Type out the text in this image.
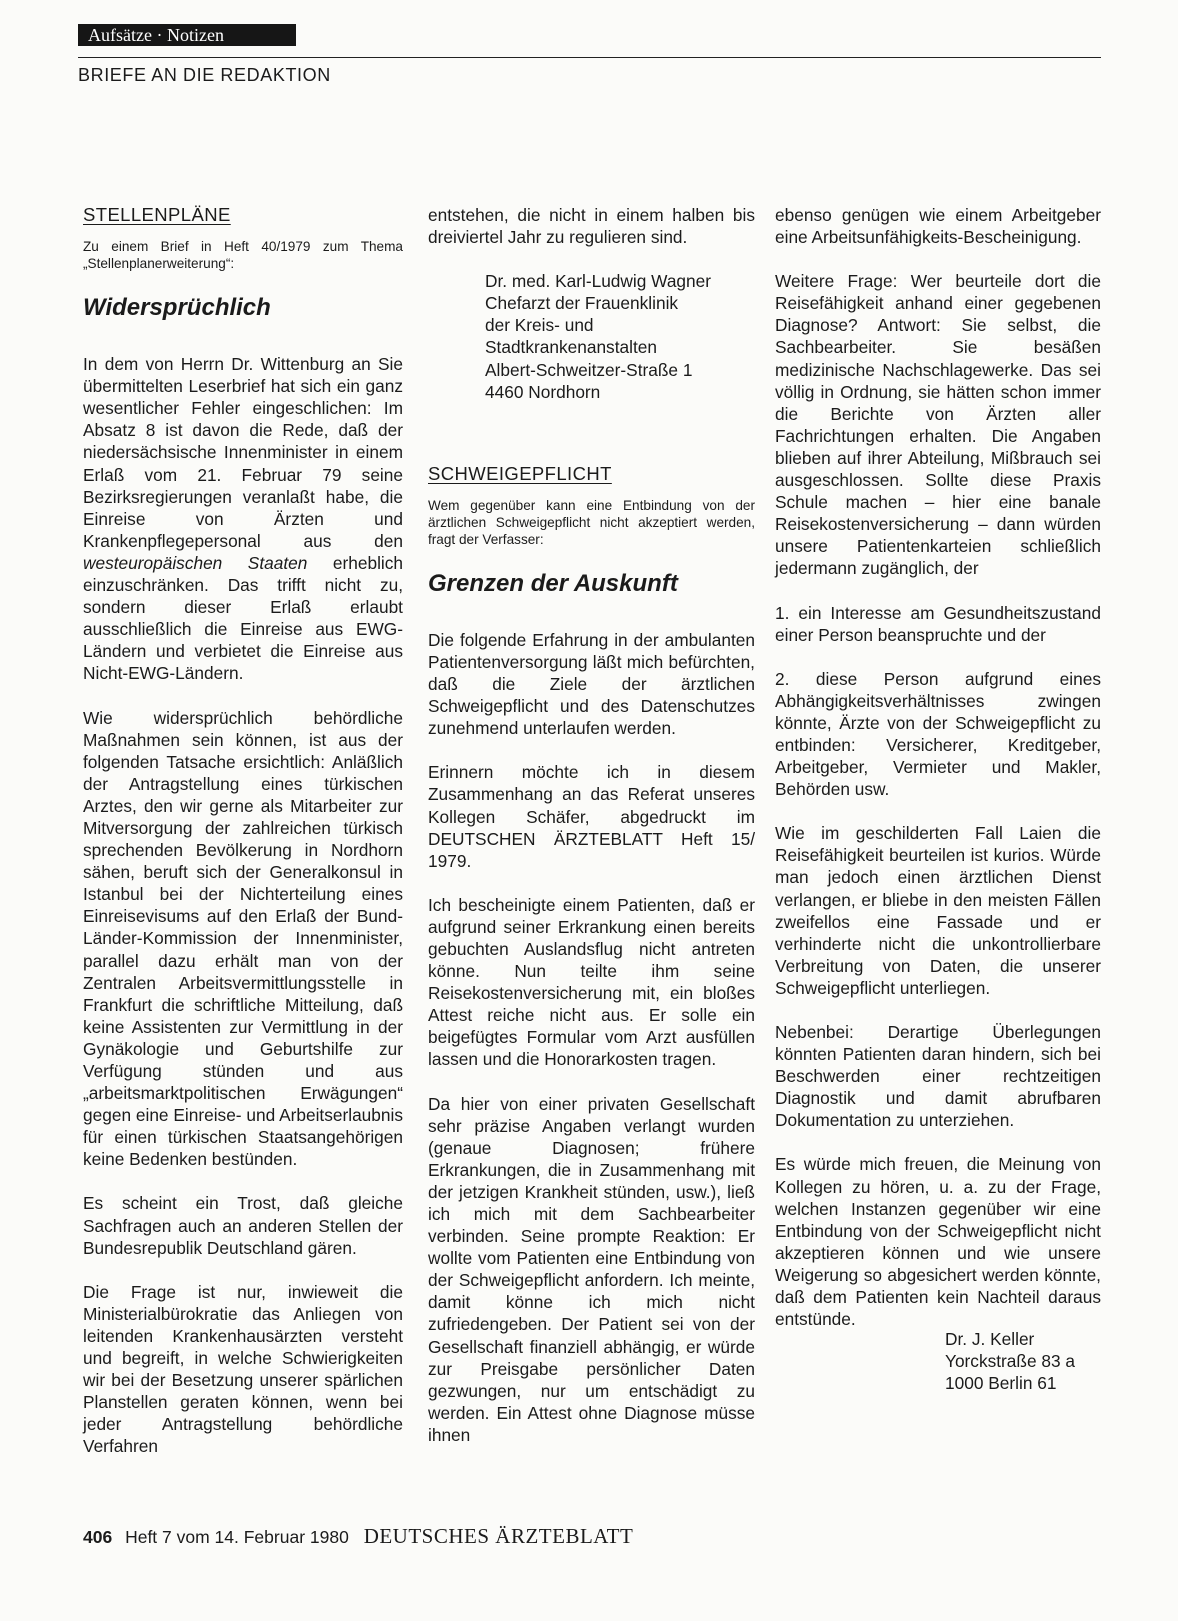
Aufsätze · Notizen
BRIEFE AN DIE REDAKTION
STELLENPLÄNE

Zu einem Brief in Heft 40/1979 zum Thema „Stellenplanerweiterung“:

Widersprüchlich

In dem von Herrn Dr. Wittenburg an Sie übermittelten Leserbrief hat sich ein ganz wesentlicher Fehler eingeschlichen: Im Absatz 8 ist davon die Rede, daß der niedersächsische Innenminister in einem Erlaß vom 21. Februar 79 seine Bezirksregierungen veranlaßt habe, die Einreise von Ärzten und Krankenpflegepersonal aus den westeuropäischen Staaten erheblich einzuschränken. Das trifft nicht zu, sondern dieser Erlaß erlaubt ausschließlich die Einreise aus EWG-Ländern und verbietet die Einreise aus Nicht-EWG-Ländern.

Wie widersprüchlich behördliche Maßnahmen sein können, ist aus der folgenden Tatsache ersichtlich: Anläßlich der Antragstellung eines türkischen Arztes, den wir gerne als Mitarbeiter zur Mitversorgung der zahlreichen türkisch sprechenden Bevölkerung in Nordhorn sähen, beruft sich der Generalkonsul in Istanbul bei der Nichterteilung eines Einreisevisums auf den Erlaß der Bund-Länder-Kommission der Innenminister, parallel dazu erhält man von der Zentralen Arbeitsvermittlungsstelle in Frankfurt die schriftliche Mitteilung, daß keine Assistenten zur Vermittlung in der Gynäkologie und Geburtshilfe zur Verfügung stünden und aus „arbeitsmarktpolitischen Erwägungen“ gegen eine Einreise- und Arbeitserlaubnis für einen türkischen Staatsangehörigen keine Bedenken bestünden.

Es scheint ein Trost, daß gleiche Sachfragen auch an anderen Stellen der Bundesrepublik Deutschland gären.

Die Frage ist nur, inwieweit die Ministerialbürokratie das Anliegen von leitenden Krankenhausärzten versteht und begreift, in welche Schwierigkeiten wir bei der Besetzung unserer spärlichen Planstellen geraten können, wenn bei jeder Antragstellung behördliche Verfahren

entstehen, die nicht in einem halben bis dreiviertel Jahr zu regulieren sind.

Dr. med. Karl-Ludwig Wagner
Chefarzt der Frauenklinik
der Kreis- und
Stadtkrankenanstalten
Albert-Schweitzer-Straße 1
4460 Nordhorn
SCHWEIGEPFLICHT

Wem gegenüber kann eine Entbindung von der ärztlichen Schweigepflicht nicht akzeptiert werden, fragt der Verfasser:

Grenzen der Auskunft

Die folgende Erfahrung in der ambulanten Patientenversorgung läßt mich befürchten, daß die Ziele der ärztlichen Schweigepflicht und des Datenschutzes zunehmend unterlaufen werden.

Erinnern möchte ich in diesem Zusammenhang an das Referat unseres Kollegen Schäfer, abgedruckt im DEUTSCHEN ÄRZTEBLATT Heft 15/ 1979.

Ich bescheinigte einem Patienten, daß er aufgrund seiner Erkrankung einen bereits gebuchten Auslandsflug nicht antreten könne. Nun teilte ihm seine Reisekostenversicherung mit, ein bloßes Attest reiche nicht aus. Er solle ein beigefügtes Formular vom Arzt ausfüllen lassen und die Honorarkosten tragen.

Da hier von einer privaten Gesellschaft sehr präzise Angaben verlangt wurden (genaue Diagnosen; frühere Erkrankungen, die in Zusammenhang mit der jetzigen Krankheit stünden, usw.), ließ ich mich mit dem Sachbearbeiter verbinden. Seine prompte Reaktion: Er wollte vom Patienten eine Entbindung von der Schweigepflicht anfordern. Ich meinte, damit könne ich mich nicht zufriedengeben. Der Patient sei von der Gesellschaft finanziell abhängig, er würde zur Preisgabe persönlicher Daten gezwungen, nur um entschädigt zu werden. Ein Attest ohne Diagnose müsse ihnen

ebenso genügen wie einem Arbeitgeber eine Arbeitsunfähigkeits-Bescheinigung.

Weitere Frage: Wer beurteile dort die Reisefähigkeit anhand einer gegebenen Diagnose? Antwort: Sie selbst, die Sachbearbeiter. Sie besäßen medizinische Nachschlagewerke. Das sei völlig in Ordnung, sie hätten schon immer die Berichte von Ärzten aller Fachrichtungen erhalten. Die Angaben blieben auf ihrer Abteilung, Mißbrauch sei ausgeschlossen. Sollte diese Praxis Schule machen – hier eine banale Reisekostenversicherung – dann würden unsere Patientenkarteien schließlich jedermann zugänglich, der

1. ein Interesse am Gesundheitszustand einer Person beanspruchte und der

2. diese Person aufgrund eines Abhängigkeitsverhältnisses zwingen könnte, Ärzte von der Schweigepflicht zu entbinden: Versicherer, Kreditgeber, Arbeitgeber, Vermieter und Makler, Behörden usw.

Wie im geschilderten Fall Laien die Reisefähigkeit beurteilen ist kurios. Würde man jedoch einen ärztlichen Dienst verlangen, er bliebe in den meisten Fällen zweifellos eine Fassade und er verhinderte nicht die unkontrollierbare Verbreitung von Daten, die unserer Schweigepflicht unterliegen.

Nebenbei: Derartige Überlegungen könnten Patienten daran hindern, sich bei Beschwerden einer rechtzeitigen Diagnostik und damit abrufbaren Dokumentation zu unterziehen.

Es würde mich freuen, die Meinung von Kollegen zu hören, u. a. zu der Frage, welchen Instanzen gegenüber wir eine Entbindung von der Schweigepflicht nicht akzeptieren können und wie unsere Weigerung so abgesichert werden könnte, daß dem Patienten kein Nachteil daraus entstünde.

Dr. J. Keller
Yorckstraße 83 a
1000 Berlin 61
406 Heft 7 vom 14. Februar 1980 DEUTSCHES ÄRZTEBLATT
